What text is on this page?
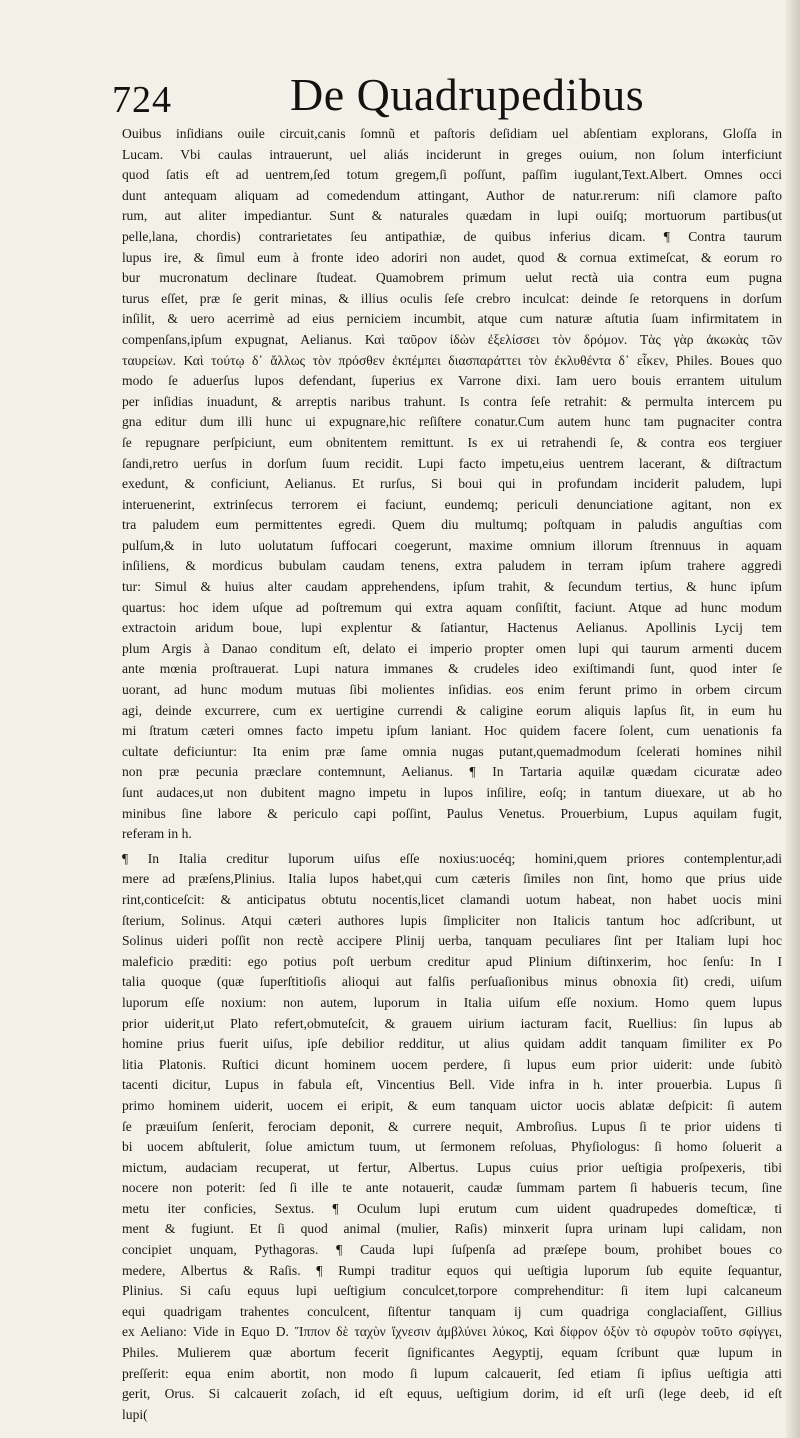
724	De Quadrupedibus
Ouibus inſidians ouile circuit,canis ſomnũ et paſtoris deſidiam uel abſentiam explorans, Gloſſa in
Lucam. Vbi caulas intrauerunt, uel aliás inciderunt in greges ouium, non ſolum interficiunt
quod ſatis eſt ad uentrem,ſed totum gregem,ſi poſſunt, paſſim iugulant,Text.Albert. Omnes occi
dunt antequam aliquam ad comedendum attingant, Author de natur.rerum: niſi clamore paſto
rum, aut aliter impediantur. Sunt & naturales quædam in lupi ouiſq; mortuorum partibus(ut
pelle,lana, chordis) contrarietates ſeu antipathiæ, de quibus inferius dicam. ¶ Contra taurum
lupus ire, & ſimul eum à fronte ideo adoriri non audet, quod & cornua extimeſcat, & eorum ro
bur mucronatum declinare ſtudeat. Quamobrem primum uelut rectà uia contra eum pugna
turus eſſet, præ ſe gerit minas, & illius oculis ſeſe crebro inculcat: deinde ſe retorquens in dorſum
inſilit, & uero acerrimè ad eius perniciem incumbit, atque cum naturæ aſtutia ſuam infirmitatem in
compenſans,ipſum expugnat, Aelianus. Καὶ ταῦρον ἰδὼν ἐξελίσσει τὸν δρόμον. Τὰς γὰρ ἀκωκὰς τῶν
ταυρείων. Καὶ τούτῳ δ᾽ ἄλλως τὸν πρόσθεν ἐκπέμπει διασπαράττει τὸν ἐκλυθέντα δ᾽ εἶκεν, Philes. Boues quo
modo ſe aduerſus lupos defendant, ſuperius ex Varrone dixi. Iam uero bouis errantem uitulum
per inſidias inuadunt, & arreptis naribus trahunt. Is contra ſeſe retrahit: & permulta intercem pu
gna editur dum illi hunc ui expugnare,hic reſiſtere conatur.Cum autem hunc tam pugnaciter contra
ſe repugnare perſpiciunt, eum obnitentem remittunt. Is ex ui retrahendi ſe, & contra eos tergiuer
ſandi,retro uerſus in dorſum ſuum recidit. Lupi facto impetu,eius uentrem lacerant, & diſtractum
exedunt, & conficiunt, Aelianus. Et rurſus, Si boui qui in profundam inciderit paludem, lupi
interuenerint, extrinſecus terrorem ei faciunt, eundemq; periculi denunciatione agitant, non ex
tra paludem eum permittentes egredi. Quem diu multumq; poſtquam in paludis anguſtias com
pulſum,& in luto uolutatum ſuffocari coegerunt, maxime omnium illorum ſtrennuus in aquam
inſiliens, & mordicus bubulam caudam tenens, extra paludem in terram ipſum trahere aggredi
tur: Simul & huius alter caudam apprehendens, ipſum trahit, & ſecundum tertius, & hunc ipſum
quartus: hoc idem uſque ad poſtremum qui extra aquam conſiſtit, faciunt. Atque ad hunc modum
extractoin aridum boue, lupi explentur & ſatiantur, Hactenus Aelianus. Apollinis Lycij tem
plum Argis à Danao conditum eſt, delato ei imperio propter omen lupi qui taurum armenti ducem
ante mœnia proſtrauerat. Lupi natura immanes & crudeles ideo exiſtimandi ſunt, quod inter ſe
uorant, ad hunc modum mutuas ſibi molientes inſidias. eos enim ferunt primo in orbem circum
agi, deinde excurrere, cum ex uertigine currendi & caligine eorum aliquis lapſus ſit, in eum hu
mi ſtratum cæteri omnes facto impetu ipſum laniant. Hoc quidem facere ſolent, cum uenationis fa
cultate deficiuntur: Ita enim præ ſame omnia nugas putant,quemadmodum ſcelerati homines nihil
non præ pecunia præclare contemnunt, Aelianus. ¶ In Tartaria aquilæ quædam cicuratæ adeo
ſunt audaces,ut non dubitent magno impetu in lupos inſilire, eoſq; in tantum diuexare, ut ab ho
minibus ſine labore & periculo capi poſſint, Paulus Venetus. Prouerbium, Lupus aquilam fugit,
referam in h.
¶ In Italia creditur luporum uiſus eſſe noxius:uocéq; homini,quem priores contemplentur,adi
mere ad præſens,Plinius. Italia lupos habet,qui cum cæteris ſimiles non ſint, homo que prius uide
rint,conticeſcit: & anticipatus obtutu nocentis,licet clamandi uotum habeat, non habet uocis mini
ſterium, Solinus. Atqui cæteri authores lupis ſimpliciter non Italicis tantum hoc adſcribunt, ut
Solinus uideri poſſit non rectè accipere Plinij uerba, tanquam peculiares ſint per Italiam lupi hoc
maleficio præditi: ego potius poſt uerbum creditur apud Plinium diſtinxerim, hoc ſenſu: In I
talia quoque (quæ ſuperſtitioſis alioqui aut falſis perſuaſionibus minus obnoxia ſit) credi, uiſum
luporum eſſe noxium: non autem, luporum in Italia uiſum eſſe noxium. Homo quem lupus
prior uiderit,ut Plato refert,obmuteſcit, & grauem uirium iacturam facit, Ruellius: ſin lupus ab
homine prius fuerit uiſus, ipſe debilior redditur, ut alius quidam addit tanquam ſimiliter ex Po
litia Platonis. Ruſtici dicunt hominem uocem perdere, ſi lupus eum prior uiderit: unde ſubitò
tacenti dicitur, Lupus in fabula eſt, Vincentius Bell. Vide infra in h. inter prouerbia. Lupus ſi
primo hominem uiderit, uocem ei eripit, & eum tanquam uictor uocis ablatæ deſpicit: ſi autem
ſe præuiſum ſenſerit, ferociam deponit, & currere nequit, Ambroſius. Lupus ſi te prior uidens ti
bi uocem abſtulerit, ſolue amictum tuum, ut ſermonem reſoluas, Phyſiologus: ſi homo ſoluerit a
mictum, audaciam recuperat, ut fertur, Albertus. Lupus cuius prior ueſtigia proſpexeris, tibi
nocere non poterit: ſed ſi ille te ante notauerit, caudæ ſummam partem ſi habueris tecum, ſine
metu iter conficies, Sextus. ¶ Oculum lupi erutum cum uident quadrupedes domeſticæ, ti
ment & fugiunt. Et ſi quod animal (mulier, Raſis) minxerit ſupra urinam lupi calidam, non
concipiet unquam, Pythagoras. ¶ Cauda lupi ſuſpenſa ad præſepe boum, prohibet boues co
medere, Albertus & Raſis. ¶ Rumpi traditur equos qui ueſtigia luporum ſub equite ſequantur,
Plinius. Si caſu equus lupi ueſtigium conculcet,torpore comprehenditur: ſi item lupi calcaneum
equi quadrigam trahentes conculcent, ſiſtentur tanquam ij cum quadriga conglaciaſſent, Gillius
ex Aeliano: Vide in Equo D. Ἵππον δὲ ταχὺν ἴχνεσιν ἀμβλύνει λύκος, Καὶ δίφρον ὀξὺν τὸ σφυρὸν τοῦτο σφίγγει,
Philes. Mulierem quæ abortum fecerit ſignificantes Aegyptij, equam ſcribunt quæ lupum in
preſſerit: equa enim abortit, non modo ſi lupum calcauerit, ſed etiam ſi ipſius ueſtigia atti
gerit, Orus. Si calcauerit zoſach, id eſt equus, ueſtigium dorim, id eſt urſi (lege deeb, id eſt
lupi(
